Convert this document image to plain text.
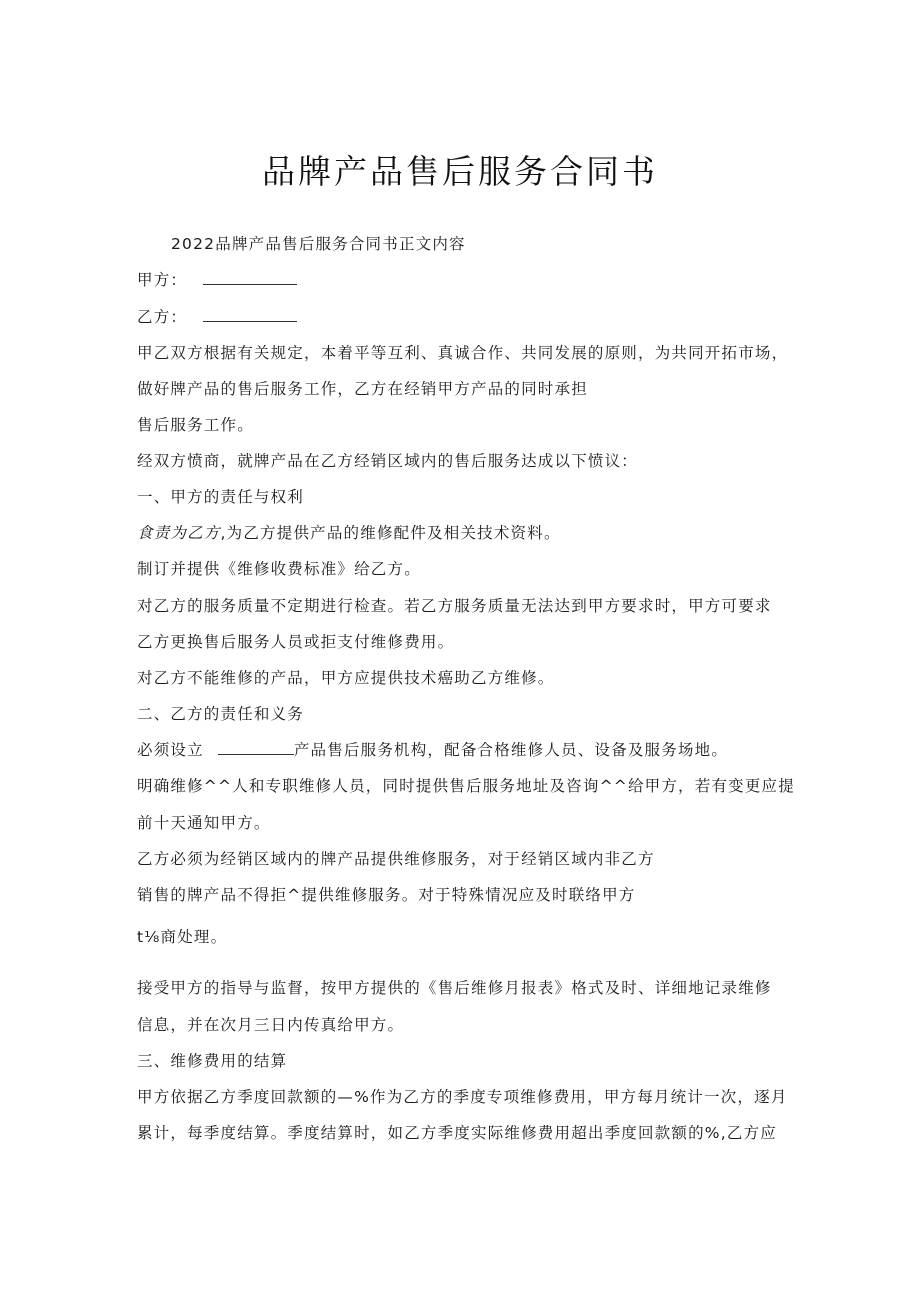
品牌产品售后服务合同书
2022品牌产品售后服务合同书正文内容
甲方：
乙方：
甲乙双方根据有关规定，本着平等互利、真诚合作、共同发展的原则，为共同开拓市场，
做好牌产品的售后服务工作，乙方在经销甲方产品的同时承担
售后服务工作。
经双方愤商，就牌产品在乙方经销区域内的售后服务达成以下愤议：
一、甲方的责任与权利
食责为乙方,为乙方提供产品的维修配件及相关技术资料。
制订并提供《维修收费标准》给乙方。
对乙方的服务质量不定期进行检查。若乙方服务质量无法达到甲方要求时，甲方可要求
乙方更换售后服务人员或拒支付维修费用。
对乙方不能维修的产品，甲方应提供技术癌助乙方维修。
二、乙方的责任和义务
必须设立	产品售后服务机构，配备合格维修人员、设备及服务场地。
明确维修^^人和专职维修人员，同时提供售后服务地址及咨询^^给甲方，若有变更应提
前十天通知甲方。
乙方必须为经销区域内的牌产品提供维修服务，对于经销区域内非乙方
销售的牌产品不得拒^提供维修服务。对于特殊情况应及时联络甲方
t⅛商处理。
接受甲方的指导与监督，按甲方提供的《售后维修月报表》格式及时、详细地记录维修
信息，并在次月三日内传真给甲方。
三、维修费用的结算
甲方依据乙方季度回款额的—%作为乙方的季度专项维修费用，甲方每月统计一次，逐月
累计，每季度结算。季度结算时，如乙方季度实际维修费用超出季度回款额的%,乙方应
